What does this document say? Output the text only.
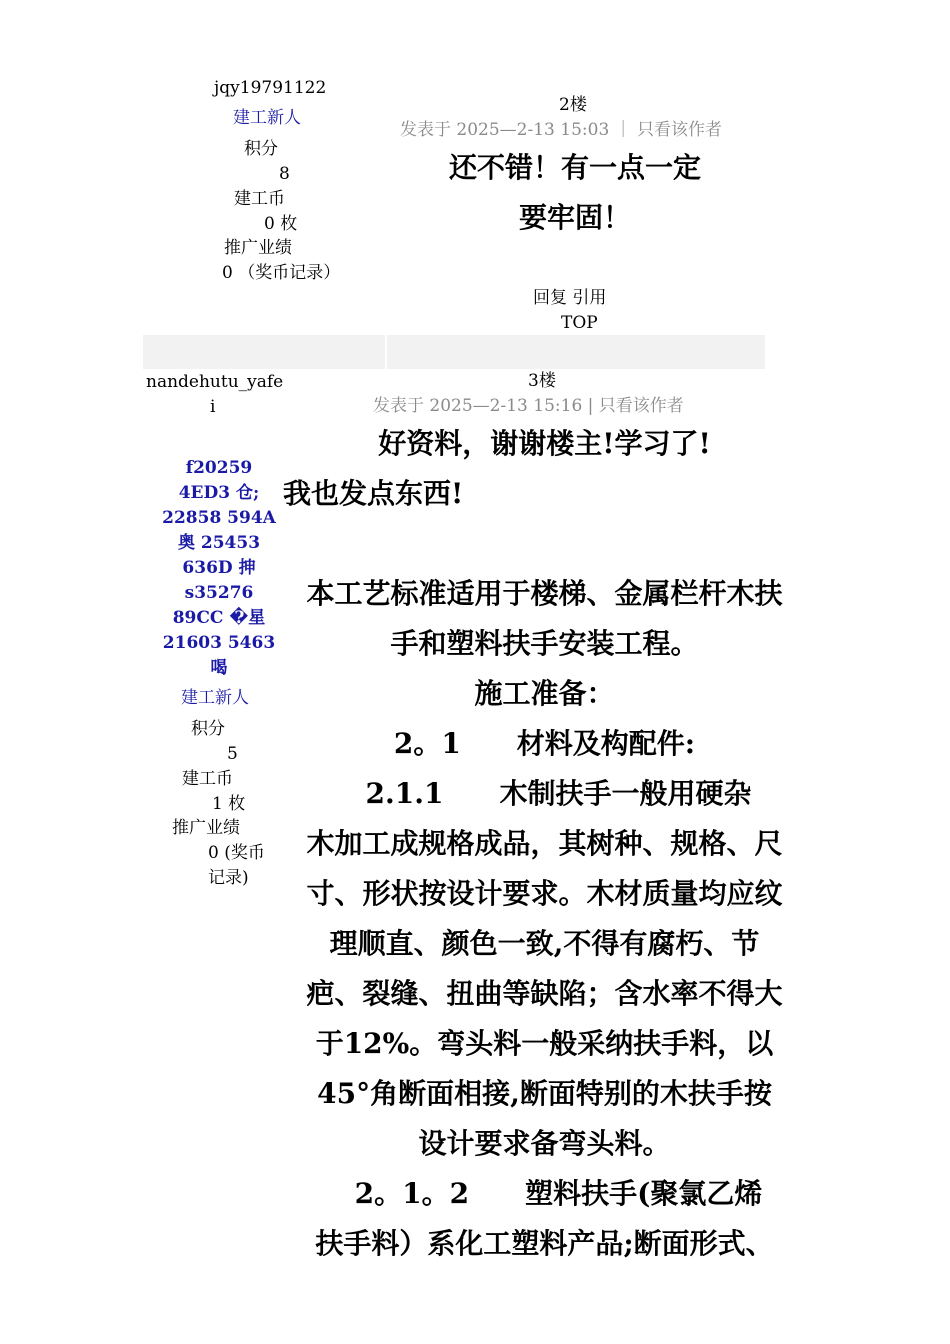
jqy19791122
建工新人
积分
8
建工币
0 枚
推广业绩
0 （奖币记录）
2楼
发表于 2025—2-13 15:03 ｜ 只看该作者
还不错！有一点一定
要牢固！
回复 引用
TOP
nandehutu_yafe
i
f20259
4ED3 仓;
22858 594A
奥 25453
636D 抻
s35276
89CC �星
21603 5463
喝
建工新人
积分
5
建工币
1 枚
推广业绩
0 (奖币
记录)
3楼
发表于 2025—2-13 15:16 | 只看该作者
好资料，谢谢楼主!学习了!
我也发点东西!
本工艺标准适用于楼梯、金属栏杆木扶
手和塑料扶手安装工程。
施工准备：
2。1　　材料及构配件:
　2.1.1　　木制扶手一般用硬杂
木加工成规格成品，其树种、规格、尺
寸、形状按设计要求。木材质量均应纹
理顺直、颜色一致,不得有腐朽、节
疤、裂缝、扭曲等缺陷；含水率不得大
于12%。弯头料一般采纳扶手料，以
45°角断面相接,断面特别的木扶手按
设计要求备弯头料。
　2。1。2　　塑料扶手(聚氯乙烯
扶手料）系化工塑料产品;断面形式、
